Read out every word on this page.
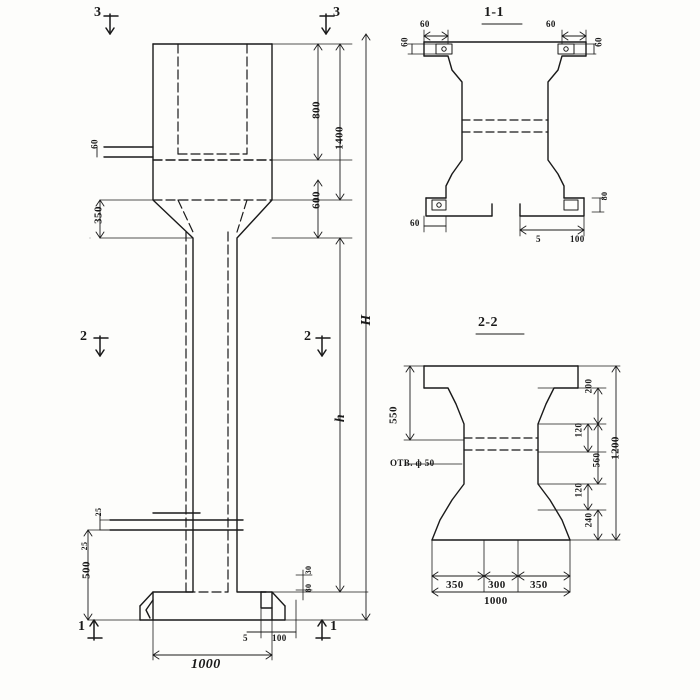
1-1
2-2
3	3
2	2
1	1
800
1400
600
H
h
350
60
25
25
500
1000
5	100
30
80
60
60
60
60
60
5	100
80
550
200
120
560
120
240
1200
ОТВ. ф 50
350 300 350
1000
